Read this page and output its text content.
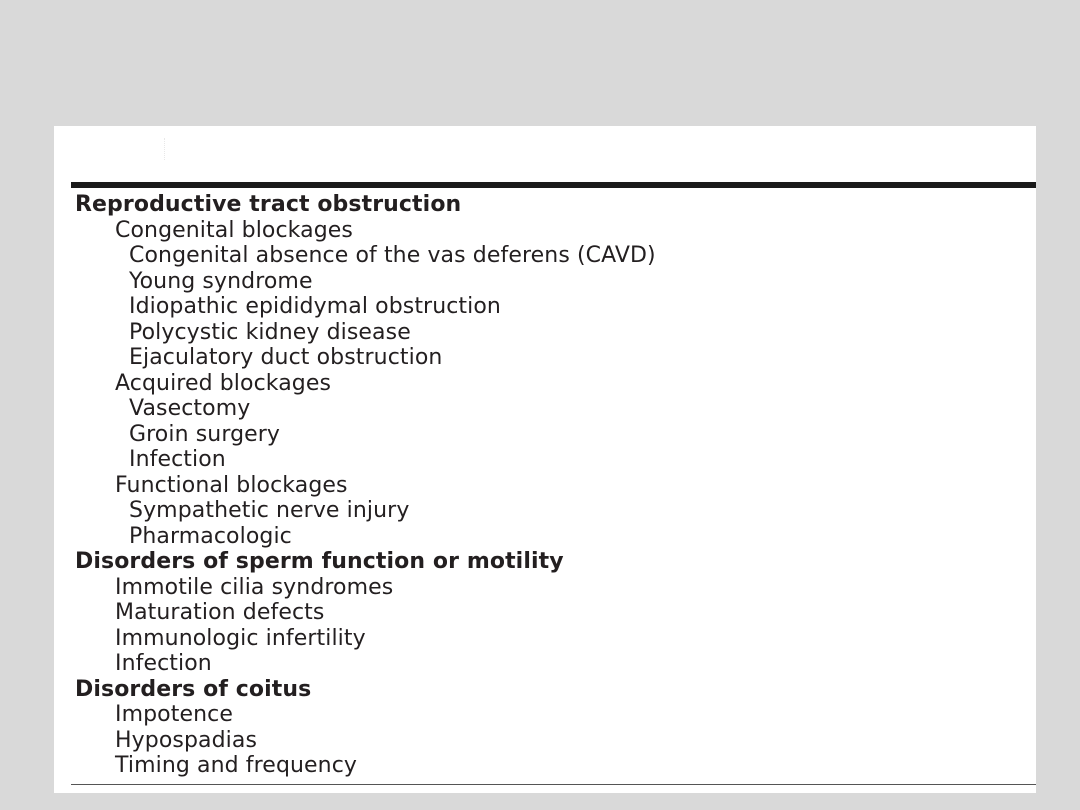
Reproductive tract obstruction
Congenital blockages
Congenital absence of the vas deferens (CAVD)
Young syndrome
Idiopathic epididymal obstruction
Polycystic kidney disease
Ejaculatory duct obstruction
Acquired blockages
Vasectomy
Groin surgery
Infection
Functional blockages
Sympathetic nerve injury
Pharmacologic
Disorders of sperm function or motility
Immotile cilia syndromes
Maturation defects
Immunologic infertility
Infection
Disorders of coitus
Impotence
Hypospadias
Timing and frequency
